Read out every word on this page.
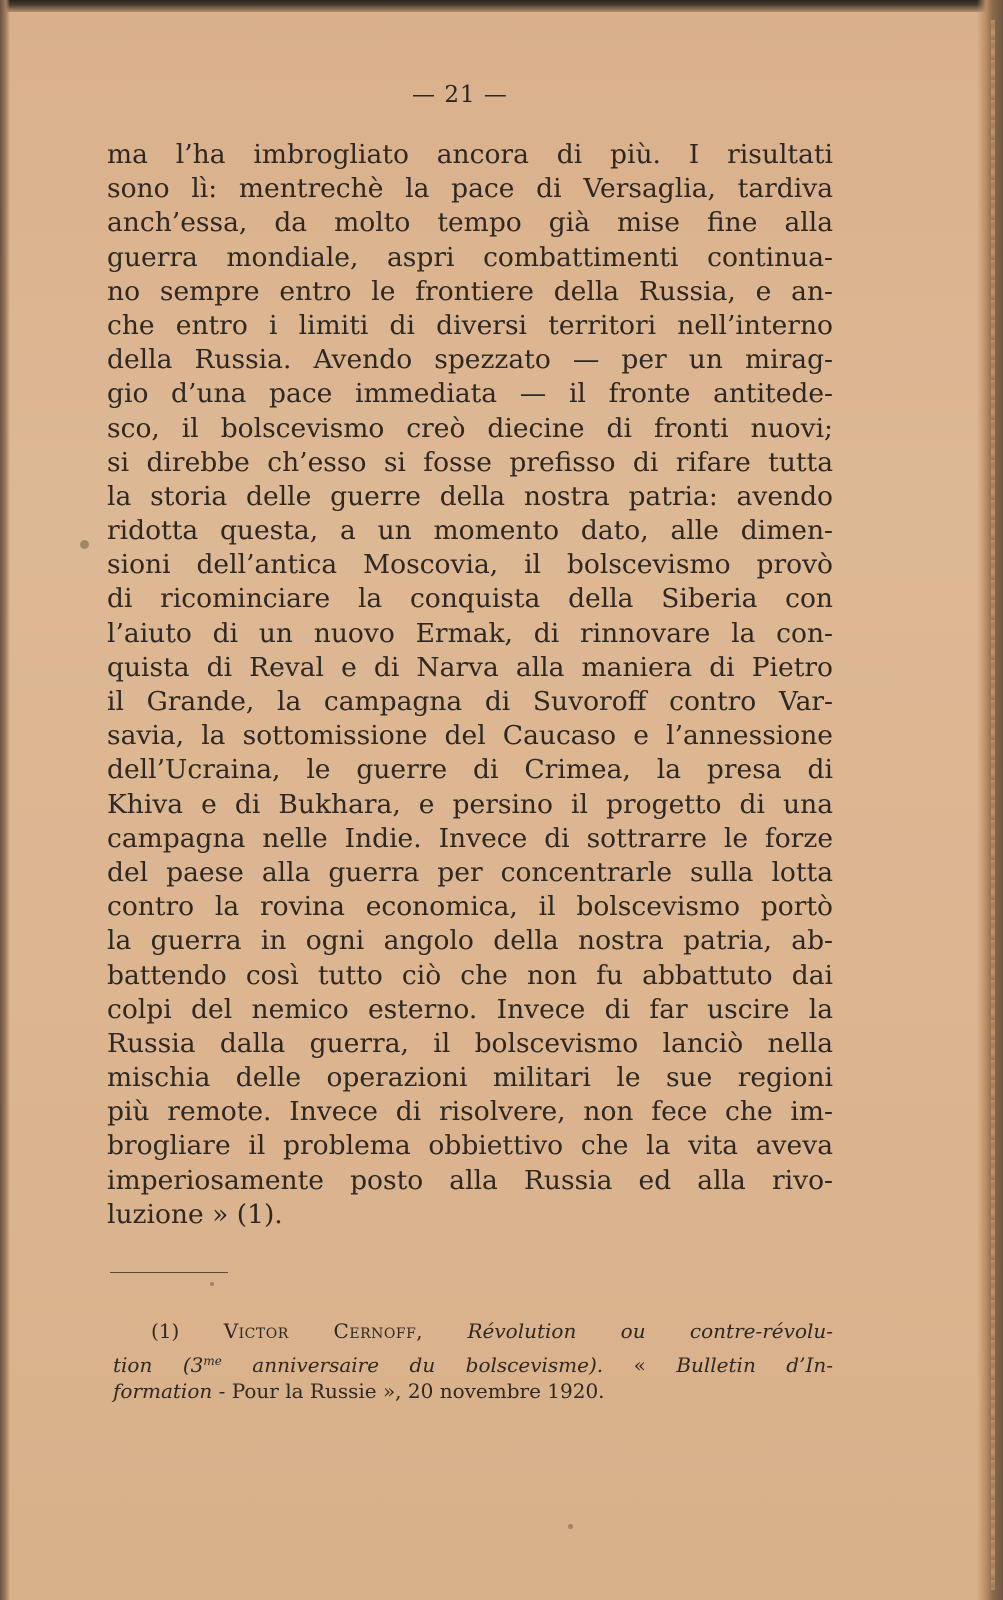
— 21 —
ma l’ha imbrogliato ancora di più. I risultati
sono lì: mentrechè la pace di Versaglia, tardiva
anch’essa, da molto tempo già mise fine alla
guerra mondiale, aspri combattimenti continua-
no sempre entro le frontiere della Russia, e an-
che entro i limiti di diversi territori nell’interno
della Russia. Avendo spezzato — per un mirag-
gio d’una pace immediata — il fronte antitede-
sco, il bolscevismo creò diecine di fronti nuovi;
si direbbe ch’esso si fosse prefisso di rifare tutta
la storia delle guerre della nostra patria: avendo
ridotta questa, a un momento dato, alle dimen-
sioni dell’antica Moscovia, il bolscevismo provò
di ricominciare la conquista della Siberia con
l’aiuto di un nuovo Ermak, di rinnovare la con-
quista di Reval e di Narva alla maniera di Pietro
il Grande, la campagna di Suvoroff contro Var-
savia, la sottomissione del Caucaso e l’annessione
dell’Ucraina, le guerre di Crimea, la presa di
Khiva e di Bukhara, e persino il progetto di una
campagna nelle Indie. Invece di sottrarre le forze
del paese alla guerra per concentrarle sulla lotta
contro la rovina economica, il bolscevismo portò
la guerra in ogni angolo della nostra patria, ab-
battendo così tutto ciò che non fu abbattuto dai
colpi del nemico esterno. Invece di far uscire la
Russia dalla guerra, il bolscevismo lanciò nella
mischia delle operazioni militari le sue regioni
più remote. Invece di risolvere, non fece che im-
brogliare il problema obbiettivo che la vita aveva
imperiosamente posto alla Russia ed alla rivo-
luzione » (1).
(1) Victor Cernoff, Révolution ou contre-révolu-
tion ($3^{me}$ anniversaire du bolscevisme). « Bulletin d’In-
formation - Pour la Russie », 20 novembre 1920.
